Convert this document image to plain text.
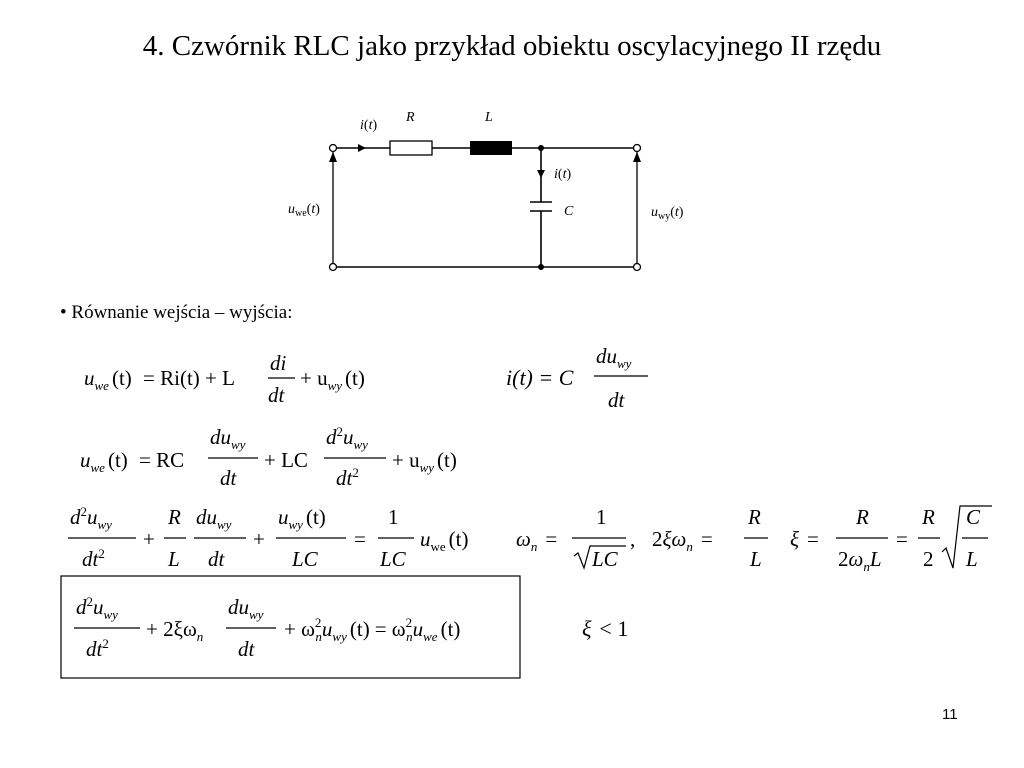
4. Czwórnik RLC jako przykład obiektu oscylacyjnego II rzędu
i(t)
R	L
i(t)
C
$u_{we}(t)$	$u_{wy}(t)$
• Równanie wejścia – wyjścia:
$u_{we}$ (t) = Ri(t) + L
di
dt
+ $u_{wy}$ (t)	i(t) = C
$du_{wy}$
dt
$u_{we}$ (t) = RC
$du_{wy}$
dt
+ LC
$d^2u_{wy}$
$dt^2$
+ $u_{wy}$ (t)
$d^2u_{wy}$
$dt^2$
+
R
L
$du_{wy}$
dt
+
$u_{wy}$ (t)
LC
=
1
LC
$u_{we}$ (t) $\omega_n$ =
1
LC
, $2\xi\omega_n$ =
R
L
ξ =
R
$2\omega_nL$
=
R
2
C
L
$d^2u_{wy}$
$dt^2$
+ $2\xi\omega_n$
$du_{wy}$
dt
+ $\omega^2$ $nu_{wy}$ $(t) = \omega^2$ $nu_{we}$ (t)	ξ < 1
11
